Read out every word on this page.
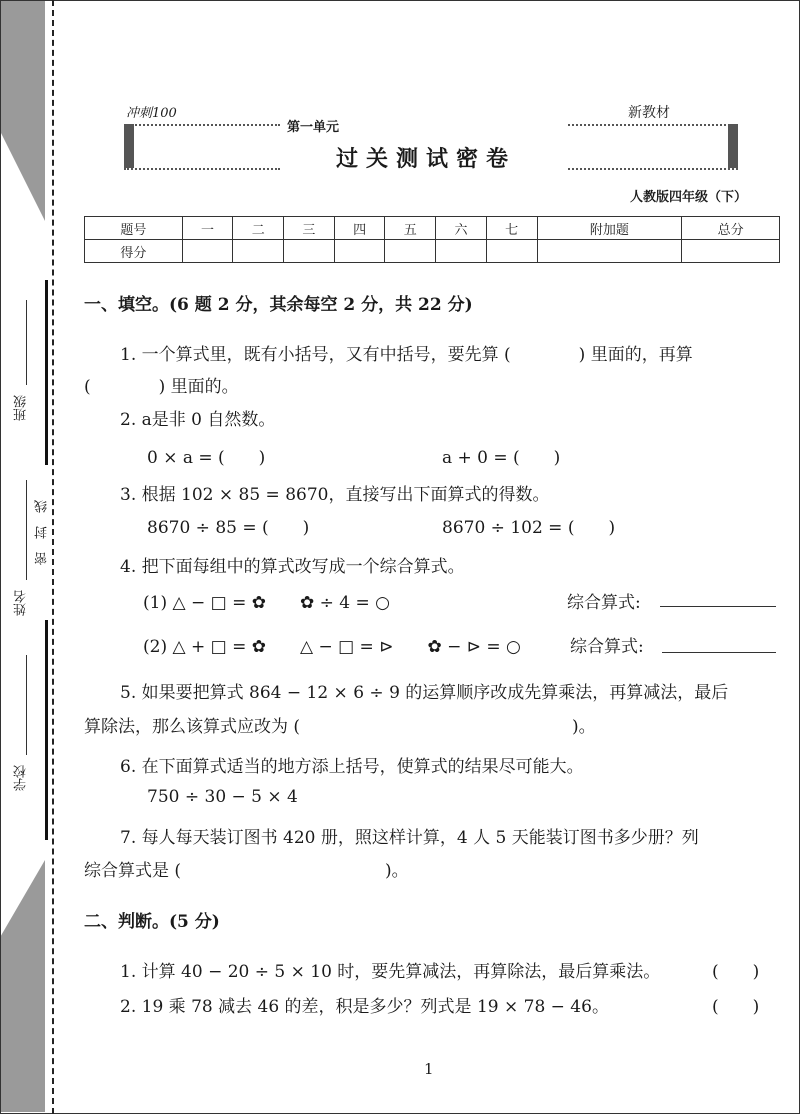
班级
姓名
密　封　线
学校
冲刺100	新教材
第一单元
过关测试密卷
人教版四年级（下）
题号	一	二	三	四	五	六	七	附加题	总分
得分									
一、填空。(6 题 2 分，其余每空 2 分，共 22 分)
1. 一个算式里，既有小括号，又有中括号，要先算 (　　　　) 里面的，再算
(　　　　) 里面的。
2. a是非 0 自然数。
0 × a = (　　)	a + 0 = (　　)
3. 根据 102 × 85 = 8670，直接写出下面算式的得数。
8670 ÷ 85 = (　　)	8670 ÷ 102 = (　　)
4. 把下面每组中的算式改写成一个综合算式。
(1) △ − □ = ✿　　✿ ÷ 4 = ○	综合算式:
(2) △ + □ = ✿　　△ − □ = ⊳　　✿ − ⊳ = ○	综合算式:
5. 如果要把算式 864 − 12 × 6 ÷ 9 的运算顺序改成先算乘法，再算减法，最后
算除法，那么该算式应改为 (　　　　　　　　　　　　　　　　)。
6. 在下面算式适当的地方添上括号，使算式的结果尽可能大。
750 ÷ 30 − 5 × 4
7. 每人每天装订图书 420 册，照这样计算，4 人 5 天能装订图书多少册？列
综合算式是 (　　　　　　　　　　　　)。
二、判断。(5 分)
1. 计算 40 − 20 ÷ 5 × 10 时，要先算减法，再算除法，最后算乘法。	(　　)
2. 19 乘 78 减去 46 的差，积是多少？列式是 19 × 78 − 46。	(　　)
1
